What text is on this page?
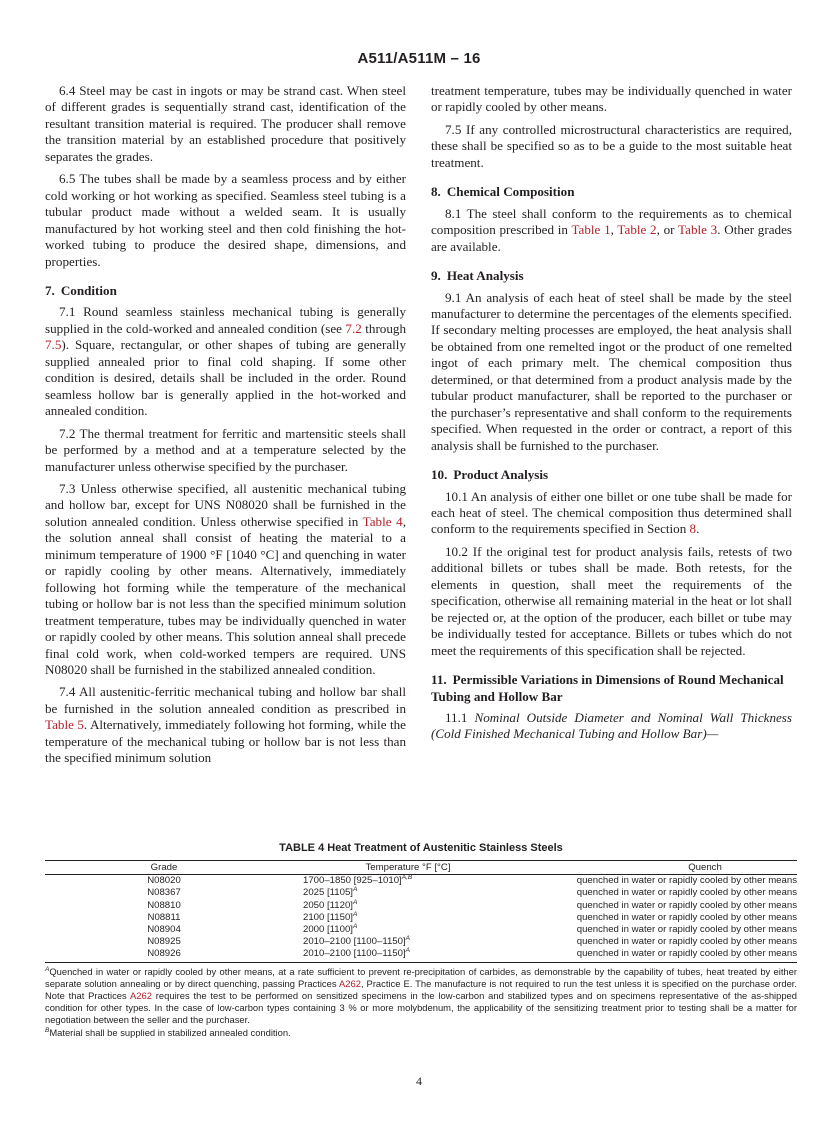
A511/A511M – 16

6.4 Steel may be cast in ingots or may be strand cast. When steel of different grades is sequentially strand cast, identification of the resultant transition material is required. The producer shall remove the transition material by an established procedure that positively separates the grades.

6.5 The tubes shall be made by a seamless process and by either cold working or hot working as specified. Seamless steel tubing is a tubular product made without a welded seam. It is usually manufactured by hot working steel and then cold finishing the hot-worked tubing to produce the desired shape, dimensions, and properties.

7. Condition

7.1 Round seamless stainless mechanical tubing is generally supplied in the cold-worked and annealed condition (see 7.2 through 7.5). Square, rectangular, or other shapes of tubing are generally supplied annealed prior to final cold shaping. If some other condition is desired, details shall be included in the order. Round seamless hollow bar is generally applied in the hot-worked and annealed condition.

7.2 The thermal treatment for ferritic and martensitic steels shall be performed by a method and at a temperature selected by the manufacturer unless otherwise specified by the purchaser.

7.3 Unless otherwise specified, all austenitic mechanical tubing and hollow bar, except for UNS N08020 shall be furnished in the solution annealed condition. Unless otherwise specified in Table 4, the solution anneal shall consist of heating the material to a minimum temperature of 1900 °F [1040 °C] and quenching in water or rapidly cooling by other means. Alternatively, immediately following hot forming while the temperature of the mechanical tubing or hollow bar is not less than the specified minimum solution treatment temperature, tubes may be individually quenched in water or rapidly cooled by other means. This solution anneal shall precede final cold work, when cold-worked tempers are required. UNS N08020 shall be furnished in the stabilized annealed condition.

7.4 All austenitic-ferritic mechanical tubing and hollow bar shall be furnished in the solution annealed condition as prescribed in Table 5. Alternatively, immediately following hot forming, while the temperature of the mechanical tubing or hollow bar is not less than the specified minimum solution

treatment temperature, tubes may be individually quenched in water or rapidly cooled by other means.

7.5 If any controlled microstructural characteristics are required, these shall be specified so as to be a guide to the most suitable heat treatment.

8. Chemical Composition

8.1 The steel shall conform to the requirements as to chemical composition prescribed in Table 1, Table 2, or Table 3. Other grades are available.

9. Heat Analysis

9.1 An analysis of each heat of steel shall be made by the steel manufacturer to determine the percentages of the elements specified. If secondary melting processes are employed, the heat analysis shall be obtained from one remelted ingot or the product of one remelted ingot of each primary melt. The chemical composition thus determined, or that determined from a product analysis made by the tubular product manufacturer, shall be reported to the purchaser or the purchaser’s representative and shall conform to the requirements specified. When requested in the order or contract, a report of this analysis shall be furnished to the purchaser.

10. Product Analysis

10.1 An analysis of either one billet or one tube shall be made for each heat of steel. The chemical composition thus determined shall conform to the requirements specified in Section 8.

10.2 If the original test for product analysis fails, retests of two additional billets or tubes shall be made. Both retests, for the elements in question, shall meet the requirements of the specification, otherwise all remaining material in the heat or lot shall be rejected or, at the option of the producer, each billet or tube may be individually tested for acceptance. Billets or tubes which do not meet the requirements of this specification shall be rejected.

11. Permissible Variations in Dimensions of Round Mechanical Tubing and Hollow Bar

11.1 Nominal Outside Diameter and Nominal Wall Thickness (Cold Finished Mechanical Tubing and Hollow Bar)—

TABLE 4 Heat Treatment of Austenitic Stainless Steels
Grade	Temperature °F [°C]	Quench
N08020	1700–1850 $[925-1010]^{A,B}$	quenched in water or rapidly cooled by other means
N08367	2025 $[1105]^A$	quenched in water or rapidly cooled by other means
N08810	2050 $[1120]^A$	quenched in water or rapidly cooled by other means
N08811	2100 $[1150]^A$	quenched in water or rapidly cooled by other means
N08904	2000 $[1100]^A$	quenched in water or rapidly cooled by other means
N08925	2010–2100 [1100–1150]$^A$	quenched in water or rapidly cooled by other means
N08926	2010–2100 [1100–1150]$^A$	quenched in water or rapidly cooled by other means

$^A$Quenched in water or rapidly cooled by other means, at a rate sufficient to prevent re-precipitation of carbides, as demonstrable by the capability of tubes, heat treated by either separate solution annealing or by direct quenching, passing Practices A262, Practice E. The manufacture is not required to run the test unless it is specified on the purchase order. Note that Practices A262 requires the test to be performed on sensitized specimens in the low-carbon and stabilized types and on specimens representative of the as-shipped condition for other types. In the case of low-carbon types containing 3 % or more molybdenum, the applicability of the sensitizing treatment prior to testing shall be a matter for negotiation between the seller and the purchaser.

$^B$Material shall be supplied in stabilized annealed condition.

4
